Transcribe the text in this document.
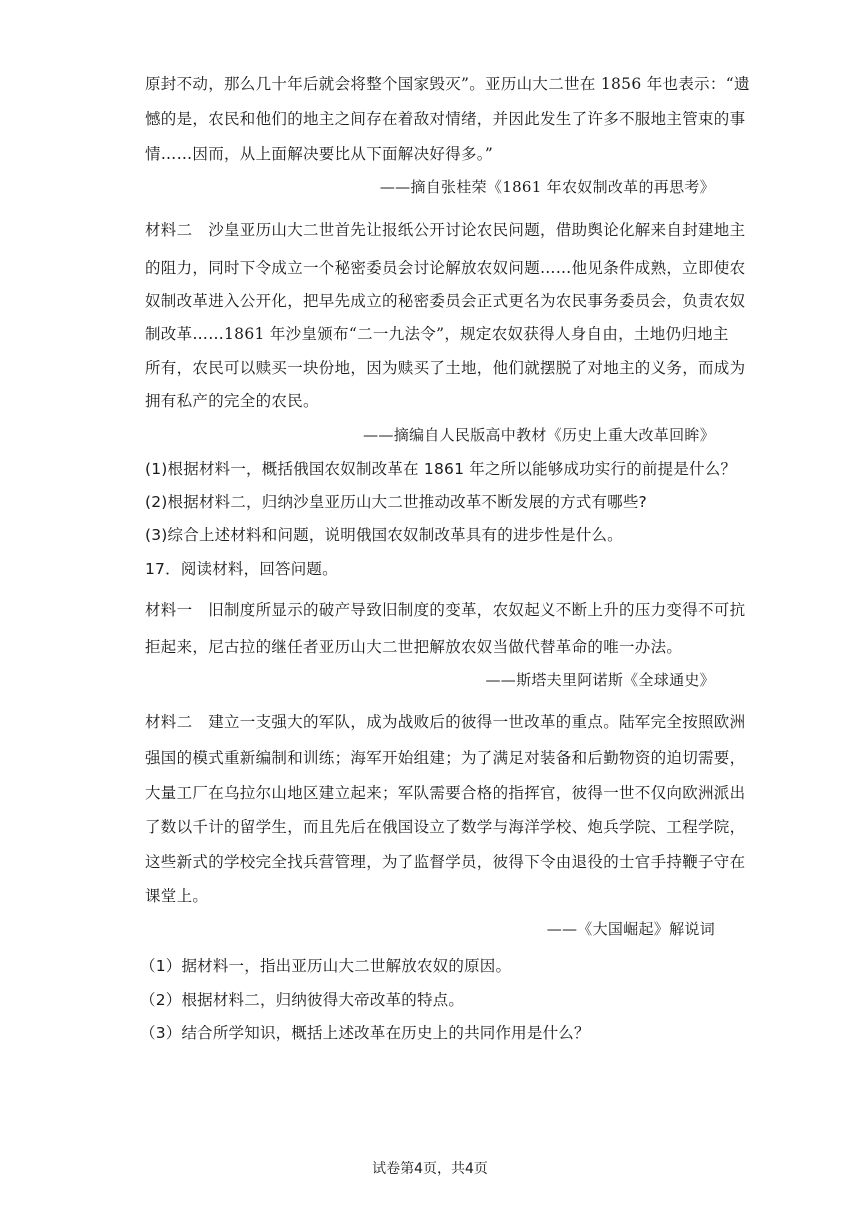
原封不动，那么几十年后就会将整个国家毁灭”。亚历山大二世在 1856 年也表示：“遗
憾的是，农民和他们的地主之间存在着敌对情绪，并因此发生了许多不服地主管束的事
情……因而，从上面解决要比从下面解决好得多。”
——摘自张桂荣《1861 年农奴制改革的再思考》
材料二　沙皇亚历山大二世首先让报纸公开讨论农民问题，借助舆论化解来自封建地主
的阻力，同时下令成立一个秘密委员会讨论解放农奴问题……他见条件成熟，立即使农
奴制改革进入公开化，把早先成立的秘密委员会正式更名为农民事务委员会，负责农奴
制改革……1861 年沙皇颁布“二一九法令”，规定农奴获得人身自由，土地仍归地主
所有，农民可以赎买一块份地，因为赎买了土地，他们就摆脱了对地主的义务，而成为
拥有私产的完全的农民。
——摘编自人民版高中教材《历史上重大改革回眸》
(1)根据材料一，概括俄国农奴制改革在 1861 年之所以能够成功实行的前提是什么？
(2)根据材料二，归纳沙皇亚历山大二世推动改革不断发展的方式有哪些?
(3)综合上述材料和问题，说明俄国农奴制改革具有的进步性是什么。
17．阅读材料，回答问题。
材料一　旧制度所显示的破产导致旧制度的变革，农奴起义不断上升的压力变得不可抗
拒起来，尼古拉的继任者亚历山大二世把解放农奴当做代替革命的唯一办法。
——斯塔夫里阿诺斯《全球通史》
材料二　建立一支强大的军队，成为战败后的彼得一世改革的重点。陆军完全按照欧洲
强国的模式重新编制和训练；海军开始组建；为了满足对装备和后勤物资的迫切需要，
大量工厂在乌拉尔山地区建立起来；军队需要合格的指挥官，彼得一世不仅向欧洲派出
了数以千计的留学生，而且先后在俄国设立了数学与海洋学校、炮兵学院、工程学院，
这些新式的学校完全找兵营管理，为了监督学员，彼得下令由退役的士官手持鞭子守在
课堂上。
——《大国崛起》解说词
（1）据材料一，指出亚历山大二世解放农奴的原因。
（2）根据材料二，归纳彼得大帝改革的特点。
（3）结合所学知识，概括上述改革在历史上的共同作用是什么？
试卷第4页，共4页
